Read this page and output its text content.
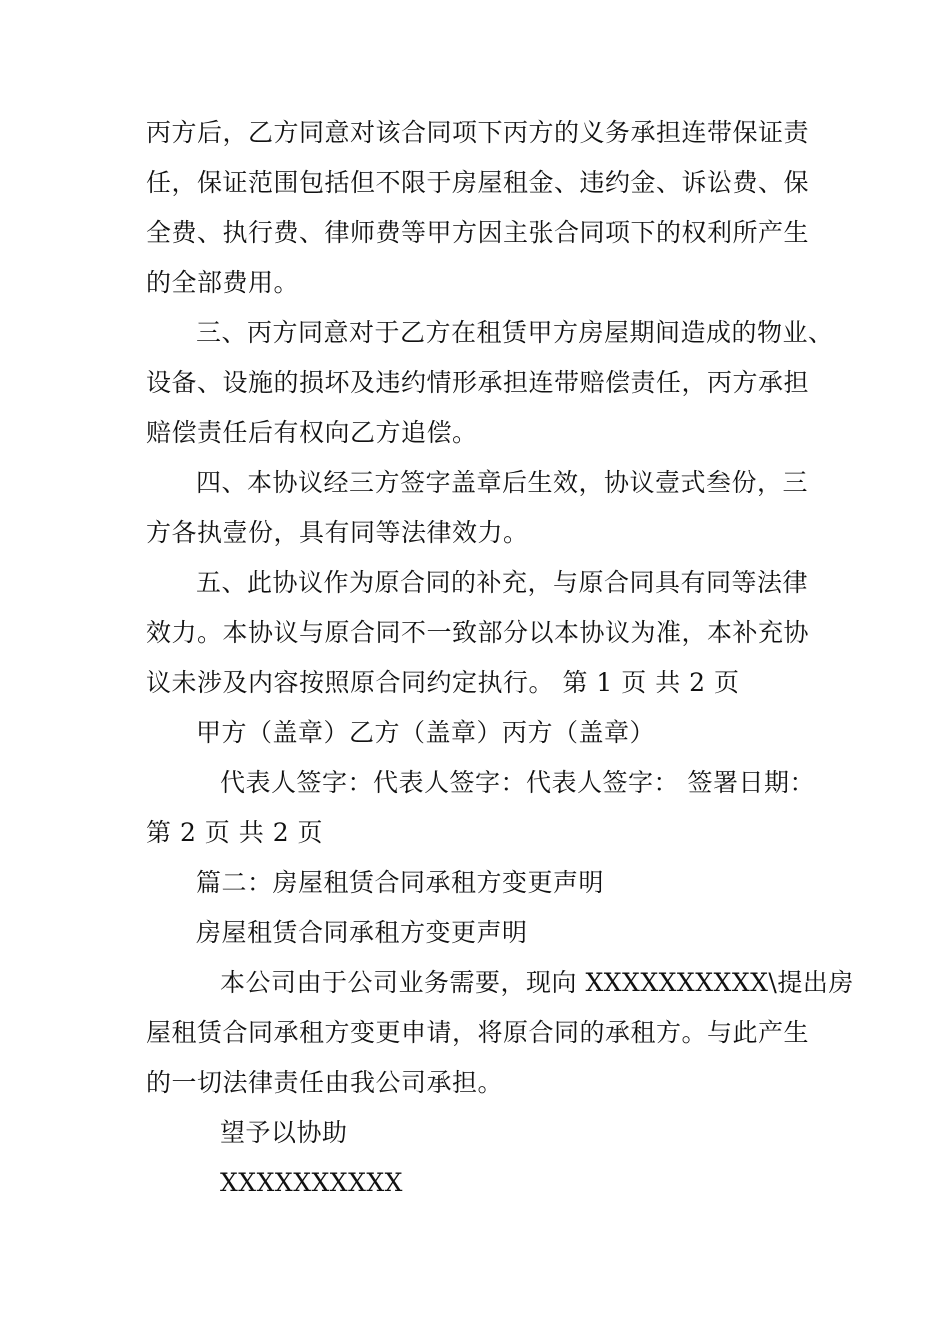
丙方后，乙方同意对该合同项下丙方的义务承担连带保证责
任，保证范围包括但不限于房屋租金、违约金、诉讼费、保
全费、执行费、律师费等甲方因主张合同项下的权利所产生
的全部费用。
三、丙方同意对于乙方在租赁甲方房屋期间造成的物业、
设备、设施的损坏及违约情形承担连带赔偿责任，丙方承担
赔偿责任后有权向乙方追偿。
四、本协议经三方签字盖章后生效，协议壹式叁份，三
方各执壹份，具有同等法律效力。
五、此协议作为原合同的补充，与原合同具有同等法律
效力。本协议与原合同不一致部分以本协议为准，本补充协
议未涉及内容按照原合同约定执行。 第 1 页 共 2 页
甲方（盖章）乙方（盖章）丙方（盖章）
代表人签字：代表人签字：代表人签字： 签署日期：
第 2 页 共 2 页
篇二：房屋租赁合同承租方变更声明
房屋租赁合同承租方变更声明
本公司由于公司业务需要，现向 XXXXXXXXXX\提出房
屋租赁合同承租方变更申请，将原合同的承租方。与此产生
的一切法律责任由我公司承担。
望予以协助
XXXXXXXXXX
